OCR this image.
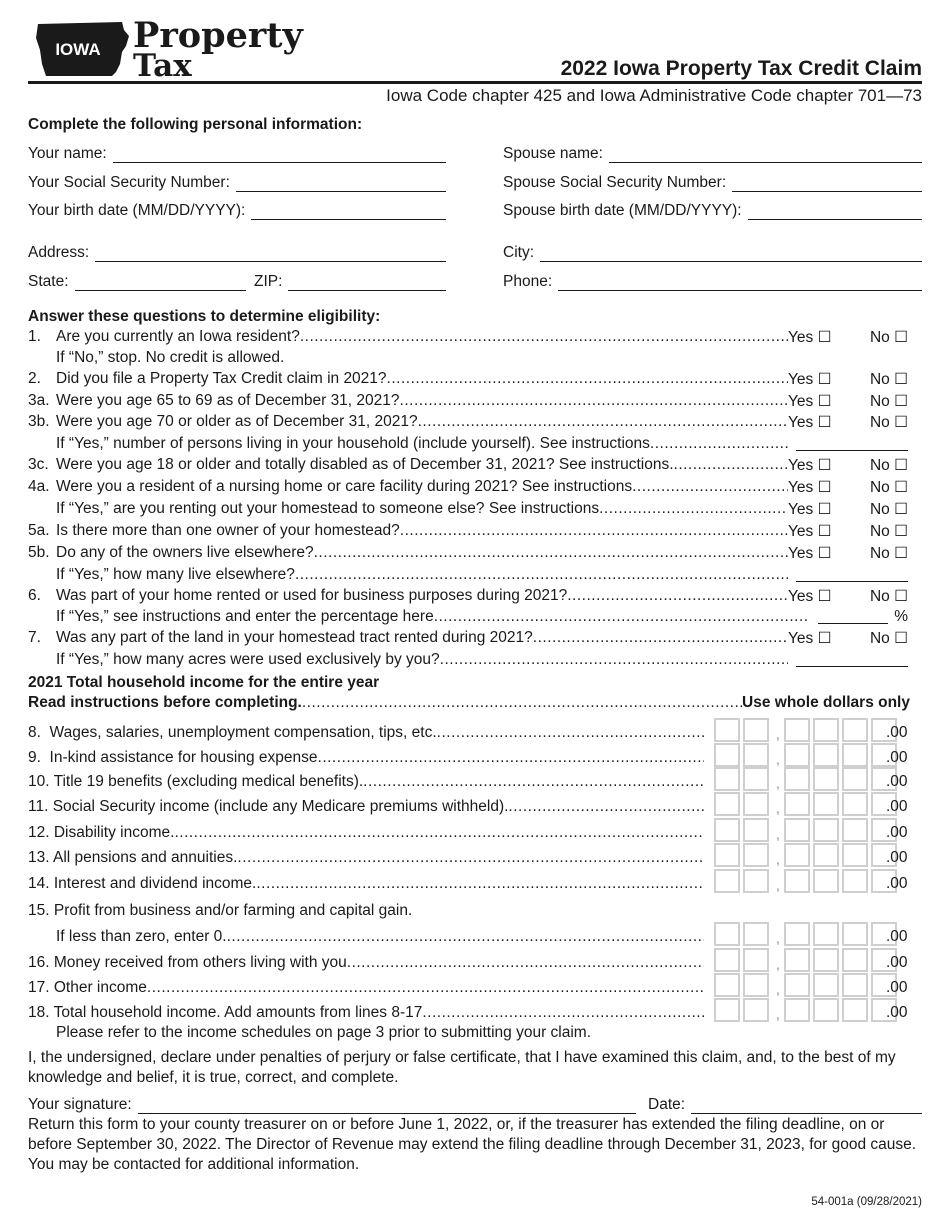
IOWA Property
Tax	2022 Iowa Property Tax Credit Claim
Iowa Code chapter 425 and Iowa Administrative Code chapter 701—73
Complete the following personal information:
Your name:	Spouse name:
Your Social Security Number:	Spouse Social Security Number:
Your birth date (MM/DD/YYYY):	Spouse birth date (MM/DD/YYYY):
Address:	City:
State:	ZIP:	Phone:
Answer these questions to determine eligibility:
1. Are you currently an Iowa resident? .....	Yes ☐	No ☐
If “No,” stop. No credit is allowed.
2. Did you file a Property Tax Credit claim in 2021? .....	Yes ☐	No ☐
3a. Were you age 65 to 69 as of December 31, 2021? .....	Yes ☐	No ☐
3b. Were you age 70 or older as of December 31, 2021? .....	Yes ☐	No ☐
If “Yes,” number of persons living in your household (include yourself). See instructions
.....
3c. Were you age 18 or older and totally disabled as of December 31, 2021? See instructions. .....	Yes ☐	No ☐
4a. Were you a resident of a nursing home or care facility during 2021? See instructions .....	Yes ☐	No ☐
If “Yes,” are you renting out your homestead to someone else? See instructions .....	Yes ☐	No ☐
5a. Is there more than one owner of your homestead? .....	Yes ☐	No ☐
5b. Do any of the owners live elsewhere? .....	Yes ☐	No ☐
If “Yes,” how many live elsewhere?
.....
6. Was part of your home rented or used for business purposes during 2021? .....	Yes ☐	No ☐
If “Yes,” see instructions and enter the percentage here .....	%
7. Was any part of the land in your homestead tract rented during 2021? .....	Yes ☐	No ☐
If “Yes,” how many acres were used exclusively by you?
.....
2021 Total household income for the entire year
Read instructions before completing. .....	Use whole dollars only
8.  Wages, salaries, unemployment compensation, tips, etc. .....	,	.00
9.  In-kind assistance for housing expense .....	,	.00
10. Title 19 benefits (excluding medical benefits). .....	,	.00
11. Social Security income (include any Medicare premiums withheld). .....	,	.00
12. Disability income. .....	,	.00
13. All pensions and annuities. .....	,	.00
14. Interest and dividend income. .....	,	.00
15. Profit from business and/or farming and capital gain.
If less than zero, enter 0. .....	,	.00
16. Money received from others living with you .....	,	.00
17. Other income .....	,	.00
18. Total household income. Add amounts from lines 8-17 .....	,	.00
Please refer to the income schedules on page 3 prior to submitting your claim.
I, the undersigned, declare under penalties of perjury or false certificate, that I have examined this claim, and, to the best of my knowledge and belief, it is true, correct, and complete.
Your signature:	Date:
Return this form to your county treasurer on or before June 1, 2022, or, if the treasurer has extended the filing deadline, on or before September 30, 2022. The Director of Revenue may extend the filing deadline through December 31, 2023, for good cause. You may be contacted for additional information.
54-001a (09/28/2021)
